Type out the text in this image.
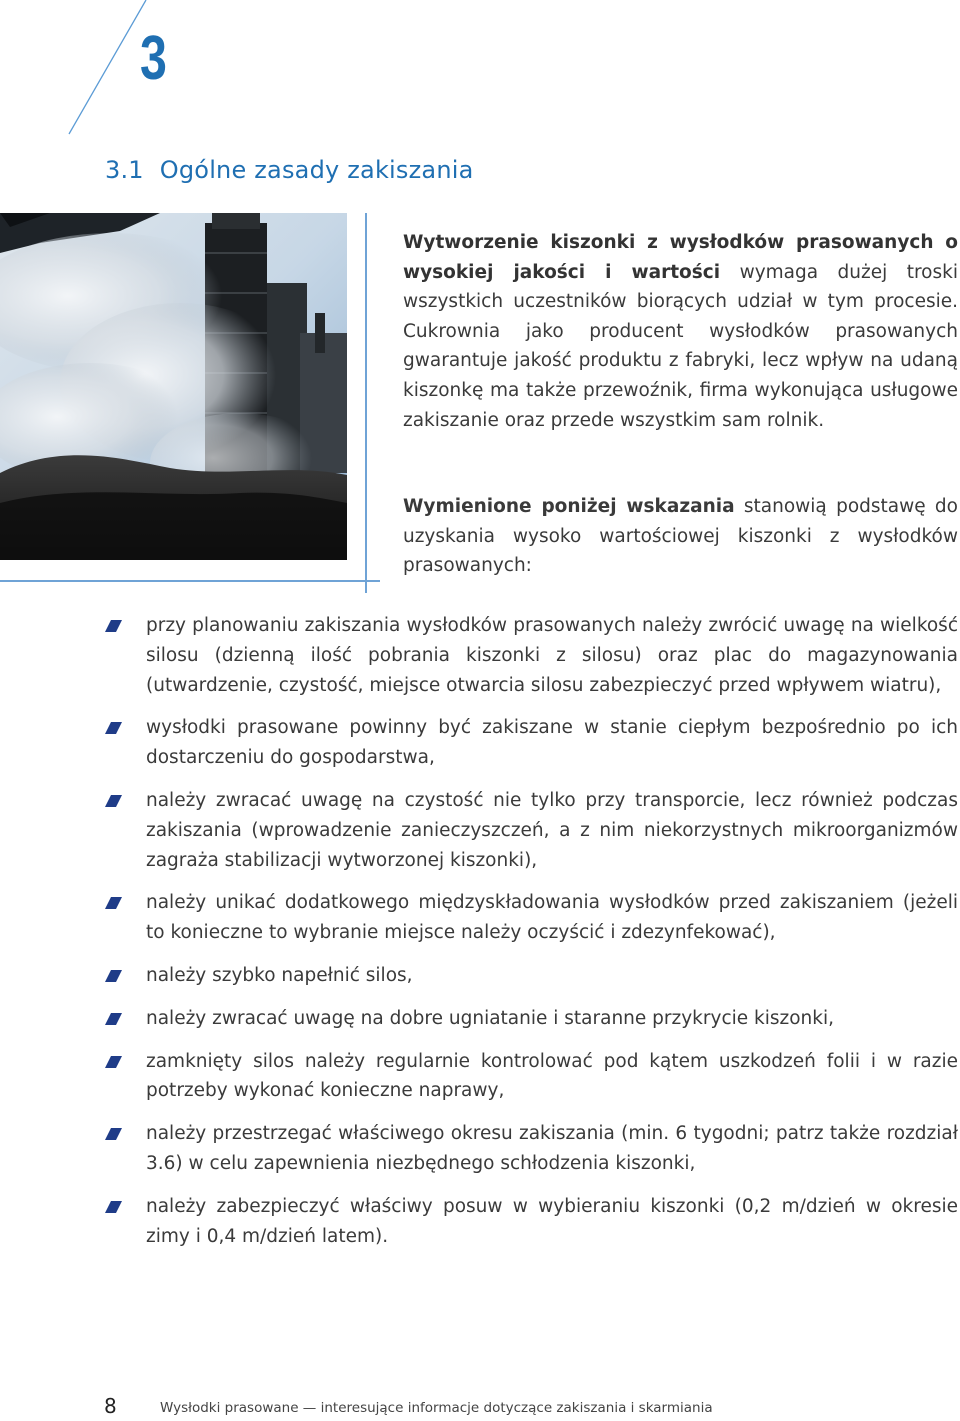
3
3.1 Ogólne zasady zakiszania
Wytworzenie kiszonki z wysłodków prasowanych o wysokiej jakości i wartości wymaga dużej troski wszystkich uczestników biorących udział w tym procesie. Cukrownia jako producent wysłodków prasowanych gwarantuje jakość produktu z fabryki, lecz wpływ na udaną kiszonkę ma także przewoźnik, firma wykonująca usługowe zakiszanie oraz przede wszystkim sam rolnik.
Wymienione poniżej wskazania stanowią podstawę do uzyskania wysoko wartościowej kiszonki z wysłodków prasowanych:
przy planowaniu zakiszania wysłodków prasowanych należy zwrócić uwagę na wielkość silosu (dzienną ilość pobrania kiszonki z silosu) oraz plac do magazynowania (utwardzenie, czystość, miejsce otwarcia silosu zabezpieczyć przed wpływem wiatru),
wysłodki prasowane powinny być zakiszane w stanie ciepłym bezpośrednio po ich dostarczeniu do gospodarstwa,
należy zwracać uwagę na czystość nie tylko przy transporcie, lecz również podczas zakiszania (wprowadzenie zanieczyszczeń, a z nim niekorzystnych mikroorganizmów zagraża stabilizacji wytworzonej kiszonki),
należy unikać dodatkowego międzyskładowania wysłodków przed zakiszaniem (jeżeli to konieczne to wybranie miejsce należy oczyścić i zdezynfekować),
należy szybko napełnić silos,
należy zwracać uwagę na dobre ugniatanie i staranne przykrycie kiszonki,
zamknięty silos należy regularnie kontrolować pod kątem uszkodzeń folii i w razie potrzeby wykonać konieczne naprawy,
należy przestrzegać właściwego okresu zakiszania (min. 6 tygodni; patrz także rozdział 3.6) w celu zapewnienia niezbędnego schłodzenia kiszonki,
należy zabezpieczyć właściwy posuw w wybieraniu kiszonki (0,2 m/dzień w okresie zimy i 0,4 m/dzień latem).
8	Wysłodki prasowane — interesujące informacje dotyczące zakiszania i skarmiania
